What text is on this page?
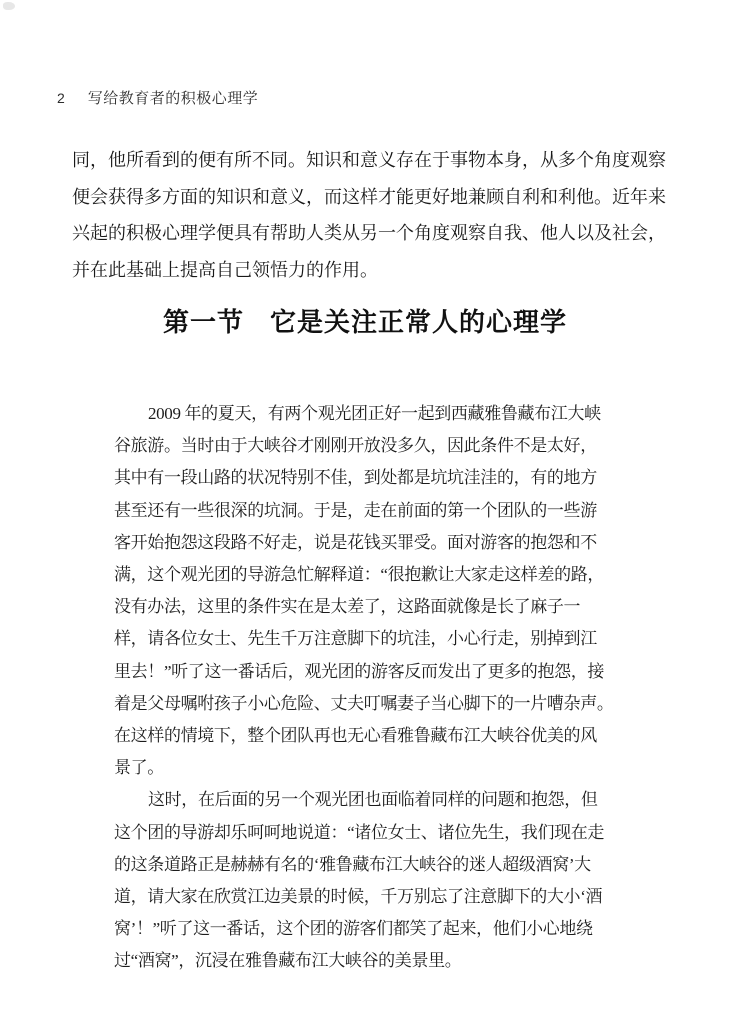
2 写给教育者的积极心理学
同，他所看到的便有所不同。知识和意义存在于事物本身，从多个角度观察
便会获得多方面的知识和意义，而这样才能更好地兼顾自利和利他。近年来
兴起的积极心理学便具有帮助人类从另一个角度观察自我、他人以及社会，
并在此基础上提高自己领悟力的作用。
第一节 它是关注正常人的心理学
2009 年的夏天，有两个观光团正好一起到西藏雅鲁藏布江大峡
谷旅游。当时由于大峡谷才刚刚开放没多久，因此条件不是太好，
其中有一段山路的状况特别不佳，到处都是坑坑洼洼的，有的地方
甚至还有一些很深的坑洞。于是，走在前面的第一个团队的一些游
客开始抱怨这段路不好走，说是花钱买罪受。面对游客的抱怨和不
满，这个观光团的导游急忙解释道：“很抱歉让大家走这样差的路，
没有办法，这里的条件实在是太差了，这路面就像是长了麻子一
样，请各位女士、先生千万注意脚下的坑洼，小心行走，别掉到江
里去！”听了这一番话后，观光团的游客反而发出了更多的抱怨，接
着是父母嘱咐孩子小心危险、丈夫叮嘱妻子当心脚下的一片嘈杂声。
在这样的情境下，整个团队再也无心看雅鲁藏布江大峡谷优美的风
景了。
这时，在后面的另一个观光团也面临着同样的问题和抱怨，但
这个团的导游却乐呵呵地说道：“诸位女士、诸位先生，我们现在走
的这条道路正是赫赫有名的‘雅鲁藏布江大峡谷的迷人超级酒窝’大
道，请大家在欣赏江边美景的时候，千万别忘了注意脚下的大小‘酒
窝’！”听了这一番话，这个团的游客们都笑了起来，他们小心地绕
过“酒窝”，沉浸在雅鲁藏布江大峡谷的美景里。
